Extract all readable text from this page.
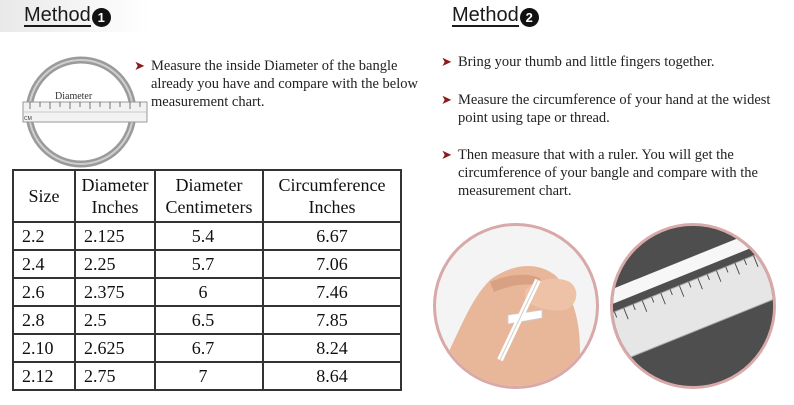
Method 1	Method 2
CM
Diameter
➤ Measure the inside Diameter of the bangle already you have and compare with the below measurement chart.
➤ Bring your thumb and little fingers together.
➤ Measure the circumference of your hand at the widest point using tape or thread.
➤ Then measure that with a ruler. You will get the circumference of your bangle and compare with the measurement chart.
Size	Diameter Inches	Diameter Centimeters	Circumference Inches
2.2	2.125	5.4	6.67
2.4	2.25	5.7	7.06
2.6	2.375	6	7.46
2.8	2.5	6.5	7.85
2.10	2.625	6.7	8.24
2.12	2.75	7	8.64
